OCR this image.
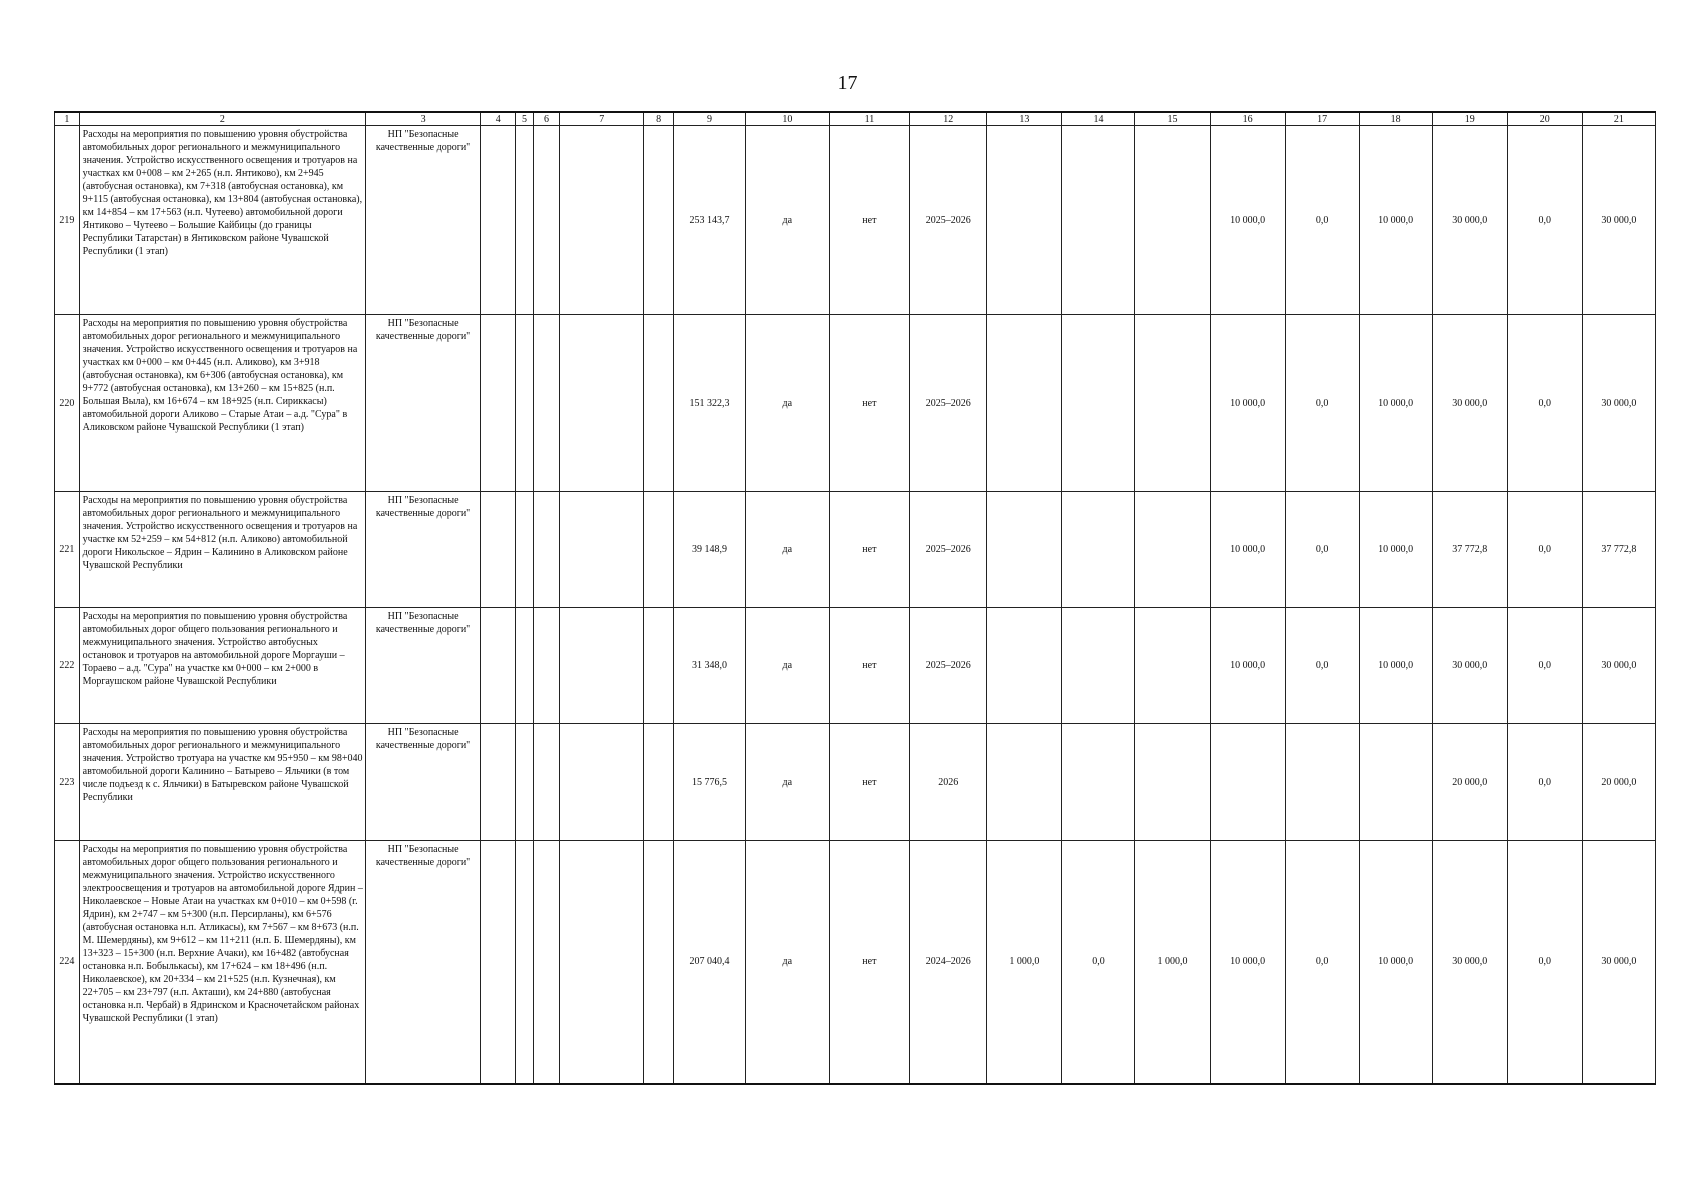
17
1	2	3	4	5	6	7	8	9	10	11	12	13	14	15	16	17	18	19	20	21
219	Расходы на мероприятия по повышению уровня обустройства автомобильных дорог регионального и межмуниципального значения. Устройство искусственного освещения и тротуаров на участках км 0+008 – км 2+265 (н.п. Янтиково), км 2+945 (автобусная остановка), км 7+318 (автобусная остановка), км 9+115 (автобусная остановка), км 13+804 (автобусная остановка), км 14+854 – км 17+563 (н.п. Чутеево) автомобильной дороги Янтиково – Чутеево – Большие Кайбицы (до границы Республики Татарстан) в Янтиковском районе Чувашской Республики (1 этап)	НП "Безопасные качественные дороги"						253 143,7	да	нет	2025–2026				10 000,0	0,0	10 000,0	30 000,0	0,0	30 000,0
220	Расходы на мероприятия по повышению уровня обустройства автомобильных дорог регионального и межмуниципального значения. Устройство искусственного освещения и тротуаров на участках км 0+000 – км 0+445 (н.п. Аликово), км 3+918 (автобусная остановка), км 6+306 (автобусная остановка), км 9+772 (автобусная остановка), км 13+260 – км 15+825 (н.п. Большая Выла), км 16+674 – км 18+925 (н.п. Сириккасы) автомобильной дороги Аликово – Старые Атаи – а.д. "Сура" в Аликовском районе Чувашской Республики (1 этап)	НП "Безопасные качественные дороги"						151 322,3	да	нет	2025–2026				10 000,0	0,0	10 000,0	30 000,0	0,0	30 000,0
221	Расходы на мероприятия по повышению уровня обустройства автомобильных дорог регионального и межмуниципального значения. Устройство искусственного освещения и тротуаров на участке км 52+259 – км 54+812 (н.п. Аликово) автомобильной дороги Никольское – Ядрин – Калинино в Аликовском районе Чувашской Республики	НП "Безопасные качественные дороги"						39 148,9	да	нет	2025–2026				10 000,0	0,0	10 000,0	37 772,8	0,0	37 772,8
222	Расходы на мероприятия по повышению уровня обустройства автомобильных дорог общего пользования регионального и межмуниципального значения. Устройство автобусных остановок и тротуаров на автомобильной дороге Моргауши – Тораево – а.д. "Сура" на участке км 0+000 – км 2+000 в Моргаушском районе Чувашской Республики	НП "Безопасные качественные дороги"						31 348,0	да	нет	2025–2026				10 000,0	0,0	10 000,0	30 000,0	0,0	30 000,0
223	Расходы на мероприятия по повышению уровня обустройства автомобильных дорог регионального и межмуниципального значения. Устройство тротуара на участке км 95+950 – км 98+040 автомобильной дороги Калинино – Батырево – Яльчики (в том числе подъезд к с. Яльчики) в Батыревском районе Чувашской Республики	НП "Безопасные качественные дороги"						15 776,5	да	нет	2026							20 000,0	0,0	20 000,0
224	Расходы на мероприятия по повышению уровня обустройства автомобильных дорог общего пользования регионального и межмуниципального значения. Устройство искусственного электроосвещения и тротуаров на автомобильной дороге Ядрин – Николаевское – Новые Атаи на участках км 0+010 – км 0+598 (г. Ядрин), км 2+747 – км 5+300 (н.п. Персирланы), км 6+576 (автобусная остановка н.п. Атликасы), км 7+567 – км 8+673 (н.п. М. Шемердяны), км 9+612 – км 11+211 (н.п. Б. Шемердяны), км 13+323 – 15+300 (н.п. Верхние Ачаки), км 16+482 (автобусная остановка н.п. Бобылькасы), км 17+624 – км 18+496 (н.п. Николаевское), км 20+334 – км 21+525 (н.п. Кузнечная), км 22+705 – км 23+797 (н.п. Акташи), км 24+880 (автобусная остановка н.п. Чербай) в Ядринском и Красночетайском районах Чувашской Республики (1 этап)	НП "Безопасные качественные дороги"						207 040,4	да	нет	2024–2026	1 000,0	0,0	1 000,0	10 000,0	0,0	10 000,0	30 000,0	0,0	30 000,0
